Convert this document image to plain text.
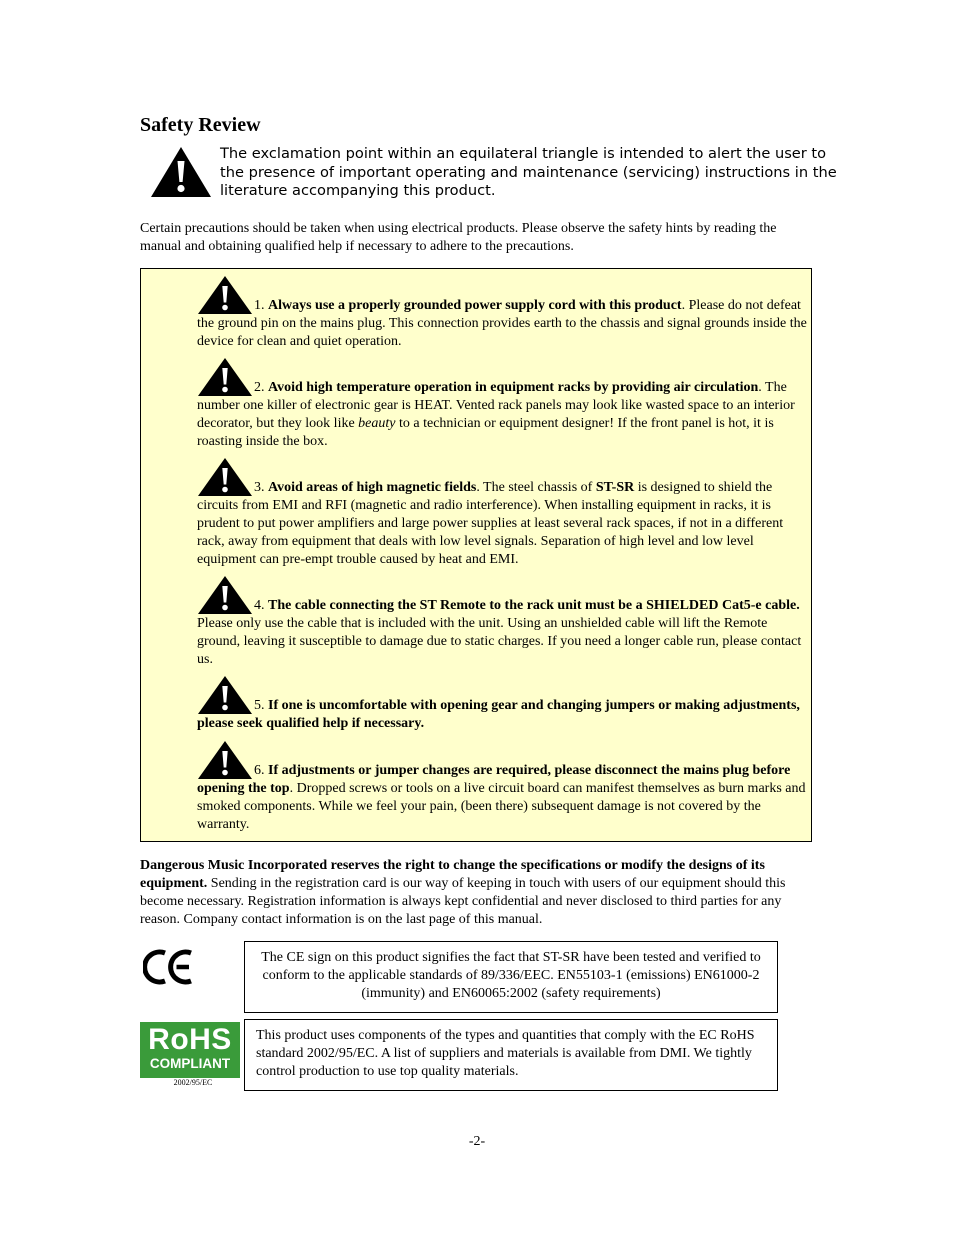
Safety Review
The exclamation point within an equilateral triangle is intended to alert the user to the presence of important operating and maintenance (servicing) instructions in the literature accompanying this product.
Certain precautions should be taken when using electrical products. Please observe the safety hints by reading the manual and obtaining qualified help if necessary to adhere to the precautions.
1. Always use a properly grounded power supply cord with this product. Please do not defeat the ground pin on the mains plug. This connection provides earth to the chassis and signal grounds inside the device for clean and quiet operation.
2. Avoid high temperature operation in equipment racks by providing air circulation. The number one killer of electronic gear is HEAT. Vented rack panels may look like wasted space to an interior decorator, but they look like beauty to a technician or equipment designer! If the front panel is hot, it is roasting inside the box.
3. Avoid areas of high magnetic fields. The steel chassis of ST-SR is designed to shield the circuits from EMI and RFI (magnetic and radio interference). When installing equipment in racks, it is prudent to put power amplifiers and large power supplies at least several rack spaces, if not in a different rack, away from equipment that deals with low level signals. Separation of high level and low level equipment can pre-empt trouble caused by heat and EMI.
4. The cable connecting the ST Remote to the rack unit must be a SHIELDED Cat5-e cable. Please only use the cable that is included with the unit. Using an unshielded cable will lift the Remote ground, leaving it susceptible to damage due to static charges. If you need a longer cable run, please contact us.
5. If one is uncomfortable with opening gear and changing jumpers or making adjustments, please seek qualified help if necessary.
6. If adjustments or jumper changes are required, please disconnect the mains plug before opening the top. Dropped screws or tools on a live circuit board can manifest themselves as burn marks and smoked components. While we feel your pain, (been there) subsequent damage is not covered by the warranty.
Dangerous Music Incorporated reserves the right to change the specifications or modify the designs of its equipment. Sending in the registration card is our way of keeping in touch with users of our equipment should this become necessary. Registration information is always kept confidential and never disclosed to third parties for any reason. Company contact information is on the last page of this manual.
The CE sign on this product signifies the fact that ST-SR have been tested and verified to conform to the applicable standards of 89/336/EEC. EN55103-1 (emissions) EN61000-2 (immunity) and EN60065:2002 (safety requirements)
RoHS
COMPLIANT
2002/95/EC
This product uses components of the types and quantities that comply with the EC RoHS standard 2002/95/EC. A list of suppliers and materials is available from DMI. We tightly control production to use top quality materials.
-2-
